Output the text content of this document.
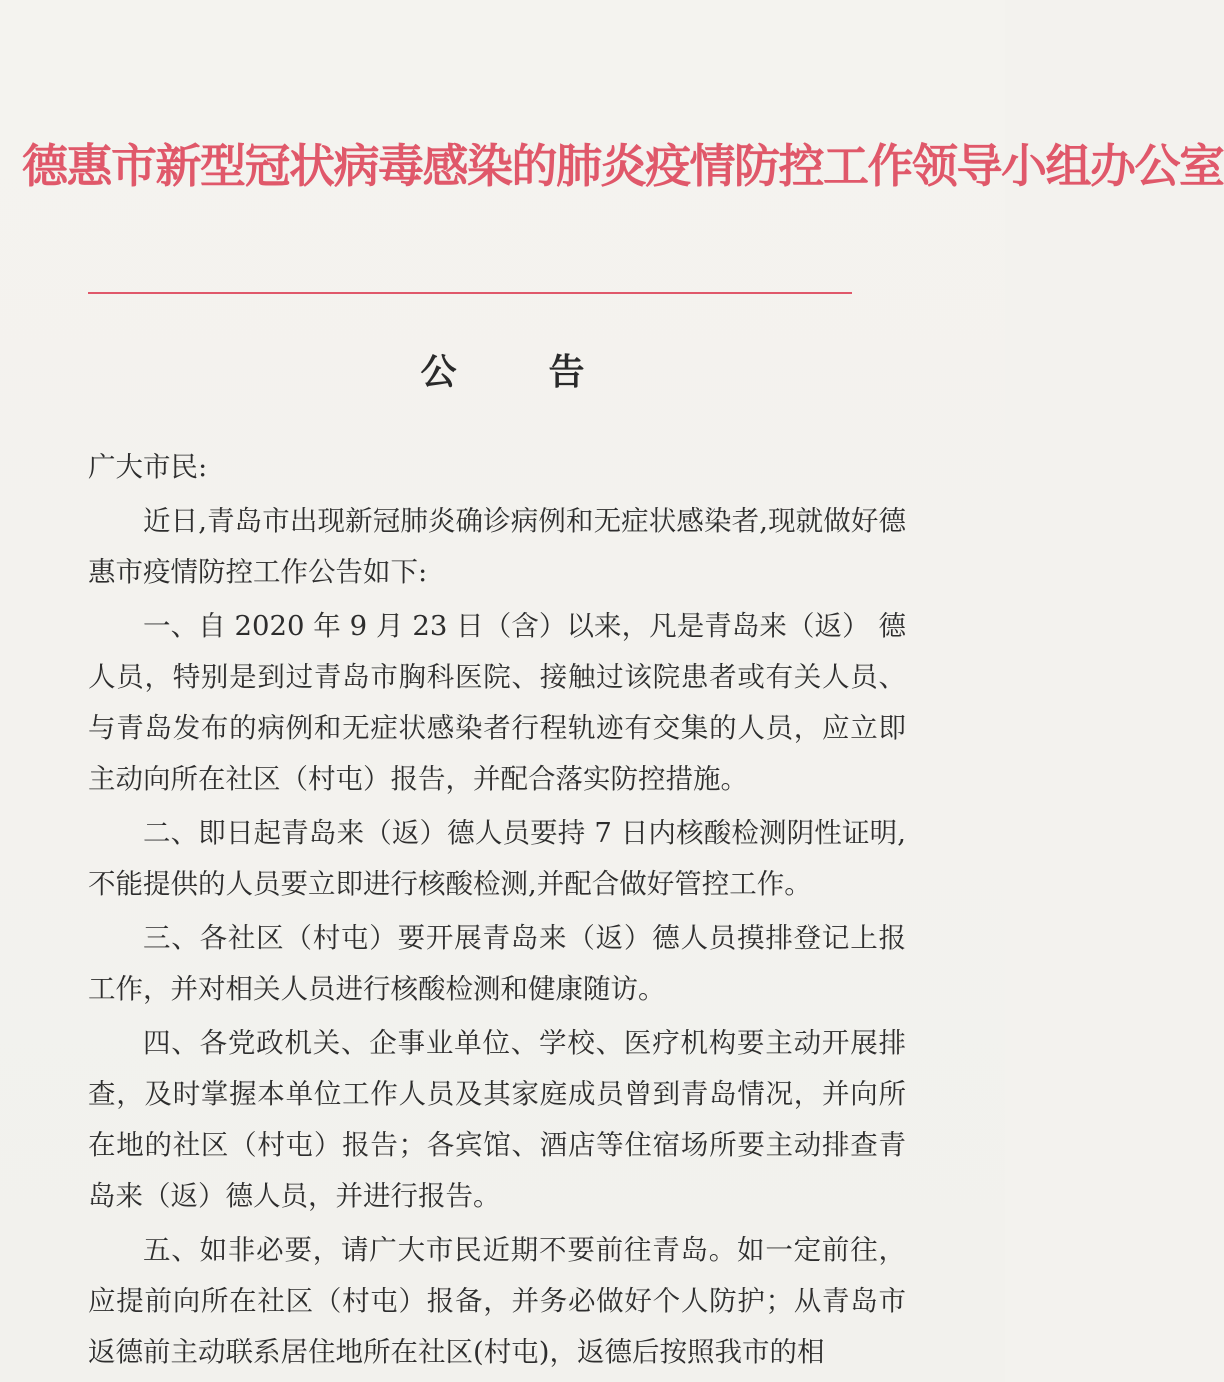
德惠市新型冠状病毒感染的肺炎疫情防控工作领导小组办公室
公告

广大市民:

近日,青岛市出现新冠肺炎确诊病例和无症状感染者,现就做好德惠市疫情防控工作公告如下:

一、自 2020 年 9 月 23 日（含）以来，凡是青岛来（返） 德人员，特别是到过青岛市胸科医院、接触过该院患者或有关人员、与青岛发布的病例和无症状感染者行程轨迹有交集的人员，应立即主动向所在社区（村屯）报告，并配合落实防控措施。

二、即日起青岛来（返）德人员要持 7 日内核酸检测阴性证明,不能提供的人员要立即进行核酸检测,并配合做好管控工作。

三、各社区（村屯）要开展青岛来（返）德人员摸排登记上报工作，并对相关人员进行核酸检测和健康随访。

四、各党政机关、企事业单位、学校、医疗机构要主动开展排查，及时掌握本单位工作人员及其家庭成员曾到青岛情况，并向所在地的社区（村屯）报告；各宾馆、酒店等住宿场所要主动排查青岛来（返）德人员，并进行报告。

五、如非必要，请广大市民近期不要前往青岛。如一定前往，应提前向所在社区（村屯）报备，并务必做好个人防护；从青岛市返德前主动联系居住地所在社区(村屯)，返德后按照我市的相
